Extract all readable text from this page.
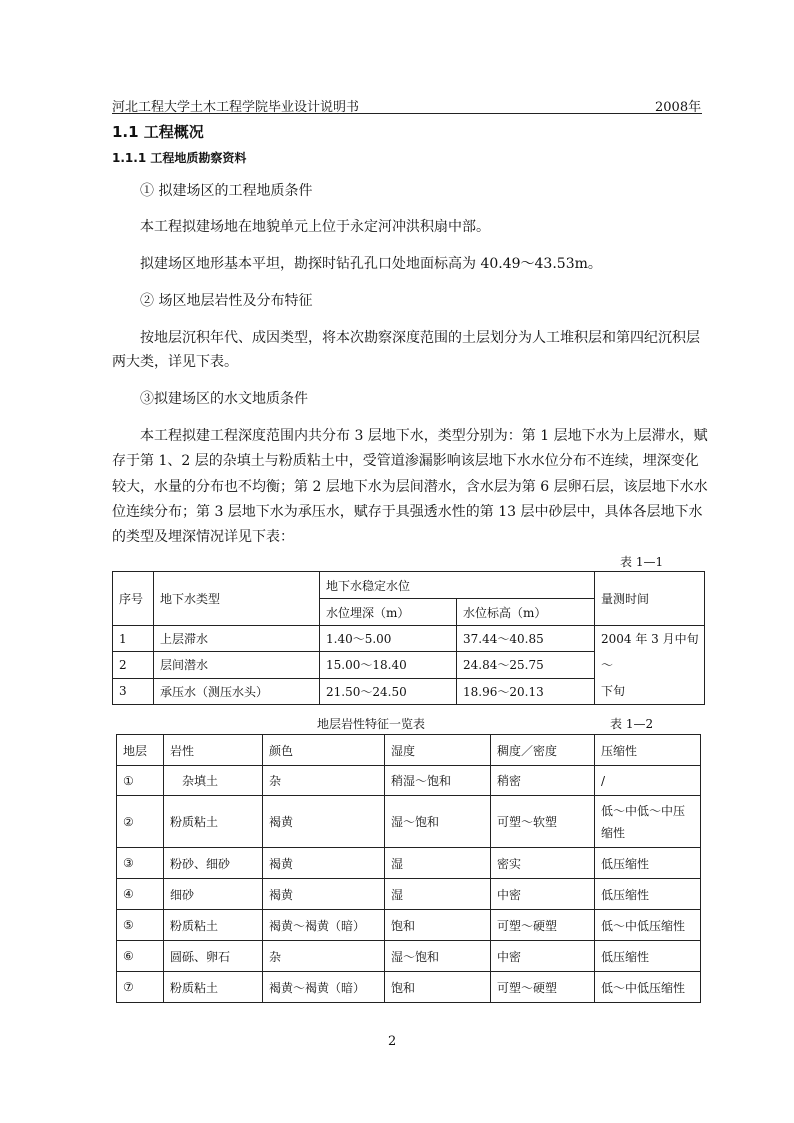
河北工程大学土木工程学院毕业设计说明书	2008年
1.1 工程概况
1.1.1 工程地质勘察资料
① 拟建场区的工程地质条件
本工程拟建场地在地貌单元上位于永定河冲洪积扇中部。
拟建场区地形基本平坦，勘探时钻孔孔口处地面标高为 40.49～43.53m。
② 场区地层岩性及分布特征
按地层沉积年代、成因类型，将本次勘察深度范围的土层划分为人工堆积层和第四纪沉积层
两大类，详见下表。
③拟建场区的水文地质条件
本工程拟建工程深度范围内共分布 3 层地下水，类型分别为：第 1 层地下水为上层滞水，赋
存于第 1、2 层的杂填土与粉质粘土中，受管道渗漏影响该层地下水水位分布不连续，埋深变化
较大，水量的分布也不均衡；第 2 层地下水为层间潜水，含水层为第 6 层卵石层，该层地下水水
位连续分布；第 3 层地下水为承压水，赋存于具强透水性的第 13 层中砂层中，具体各层地下水
的类型及埋深情况详见下表：
表 1—1
序号	地下水类型	地下水稳定水位		量测时间
		水位埋深（m）	水位标高（m）	
1	上层滞水	1.40～5.00	37.44～40.85	2004 年 3 月中旬～
下旬

2	层间潜水	15.00～18.40	24.84～25.75	
3	承压水（测压水头）	21.50～24.50	18.96～20.13	
地层岩性特征一览表	表 1—2
地层	岩性	颜色	湿度	稠度／密度	压缩性
①	　杂填土	杂	稍湿～饱和	稍密	/
②	粉质粘土	褐黄	湿～饱和	可塑～软塑	低～中低～中压缩性
③	粉砂、细砂	褐黄	湿	密实	低压缩性
④	细砂	褐黄	湿	中密	低压缩性
⑤	粉质粘土	褐黄～褐黄（暗）	饱和	可塑～硬塑	低～中低压缩性
⑥	圆砾、卵石	杂	湿～饱和	中密	低压缩性
⑦	粉质粘土	褐黄～褐黄（暗）	饱和	可塑～硬塑	低～中低压缩性
2
